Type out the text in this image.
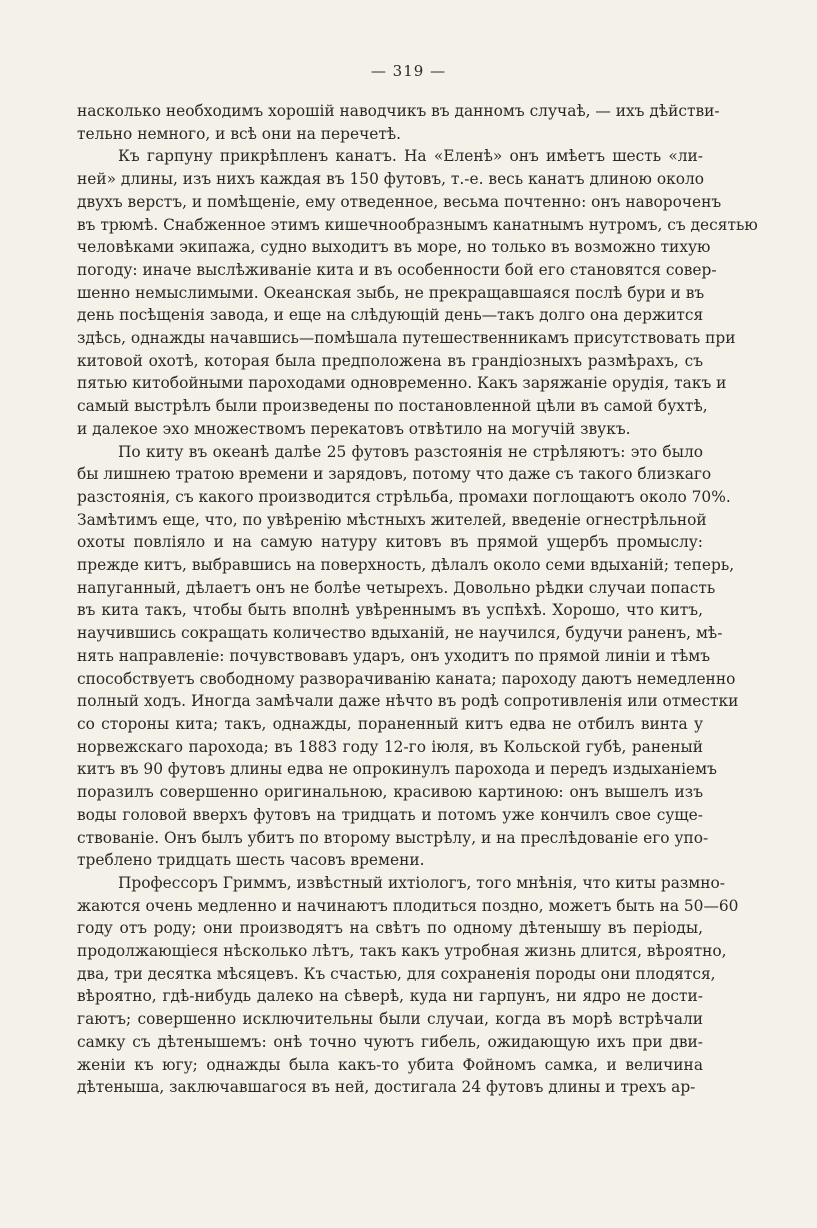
— 319 —

насколько необходимъ хорошій наводчикъ въ данномъ случаѣ, — ихъ дѣйстви-
тельно немного, и всѣ они на перечетѣ.

Къ гарпуну прикрѣпленъ канатъ. На «Еленѣ» онъ имѣетъ шесть «ли-
ней» длины, изъ нихъ каждая въ 150 футовъ, т.-е. весь канатъ длиною около
двухъ верстъ, и помѣщеніе, ему отведенное, весьма почтенно: онъ навороченъ
въ трюмѣ. Снабженное этимъ кишечнообразнымъ канатнымъ нутромъ, съ десятью
человѣками экипажа, судно выходитъ въ море, но только въ возможно тихую
погоду: иначе выслѣживаніе кита и въ особенности бой его становятся совер-
шенно немыслимыми. Океанская зыбь, не прекращавшаяся послѣ бури и въ
день посѣщенія завода, и еще на слѣдующій день—такъ долго она держится
здѣсь, однажды начавшись—помѣшала путешественникамъ присутствовать при
китовой охотѣ, которая была предположена въ грандіозныхъ размѣрахъ, съ
пятью китобойными пароходами одновременно. Какъ заряжаніе орудія, такъ и
самый выстрѣлъ были произведены по постановленной цѣли въ самой бухтѣ,
и далекое эхо множествомъ перекатовъ отвѣтило на могучій звукъ.

По киту въ океанѣ далѣе 25 футовъ разстоянія не стрѣляютъ: это было
бы лишнею тратою времени и зарядовъ, потому что даже съ такого близкаго
разстоянія, съ какого производится стрѣльба, промахи поглощаютъ около 70%.
Замѣтимъ еще, что, по увѣренію мѣстныхъ жителей, введеніе огнестрѣльной
охоты повліяло и на самую натуру китовъ въ прямой ущербъ промыслу:
прежде китъ, выбравшись на поверхность, дѣлалъ около семи вдыханій; теперь,
напуганный, дѣлаетъ онъ не болѣе четырехъ. Довольно рѣдки случаи попасть
въ кита такъ, чтобы быть вполнѣ увѣреннымъ въ успѣхѣ. Хорошо, что китъ,
научившись сокращать количество вдыханій, не научился, будучи раненъ, мѣ-
нять направленіе: почувствовавъ ударъ, онъ уходитъ по прямой линіи и тѣмъ
способствуетъ свободному разворачиванію каната; пароходу даютъ немедленно
полный ходъ. Иногда замѣчали даже нѣчто въ родѣ сопротивленія или отместки
со стороны кита; такъ, однажды, пораненный китъ едва не отбилъ винта у
норвежскаго парохода; въ 1883 году 12-го іюля, въ Кольской губѣ, раненый
китъ въ 90 футовъ длины едва не опрокинулъ парохода и передъ издыханіемъ
поразилъ совершенно оригинальною, красивою картиною: онъ вышелъ изъ
воды головой вверхъ футовъ на тридцать и потомъ уже кончилъ свое суще-
ствованіе. Онъ былъ убитъ по второму выстрѣлу, и на преслѣдованіе его упо-
треблено тридцать шесть часовъ времени.

Профессоръ Гриммъ, извѣстный ихтіологъ, того мнѣнія, что киты размно-
жаются очень медленно и начинаютъ плодиться поздно, можетъ быть на 50—60
году отъ роду; они производятъ на свѣтъ по одному дѣтенышу въ періоды,
продолжающіеся нѣсколько лѣтъ, такъ какъ утробная жизнь длится, вѣроятно,
два, три десятка мѣсяцевъ. Къ счастью, для сохраненія породы они плодятся,
вѣроятно, гдѣ-нибудь далеко на сѣверѣ, куда ни гарпунъ, ни ядро не дости-
гаютъ; совершенно исключительны были случаи, когда въ морѣ встрѣчали
самку съ дѣтенышемъ: онѣ точно чуютъ гибель, ожидающую ихъ при дви-
женіи къ югу; однажды была какъ-то убита Фойномъ самка, и величина
дѣтеныша, заключавшагося въ ней, достигала 24 футовъ длины и трехъ ар-
